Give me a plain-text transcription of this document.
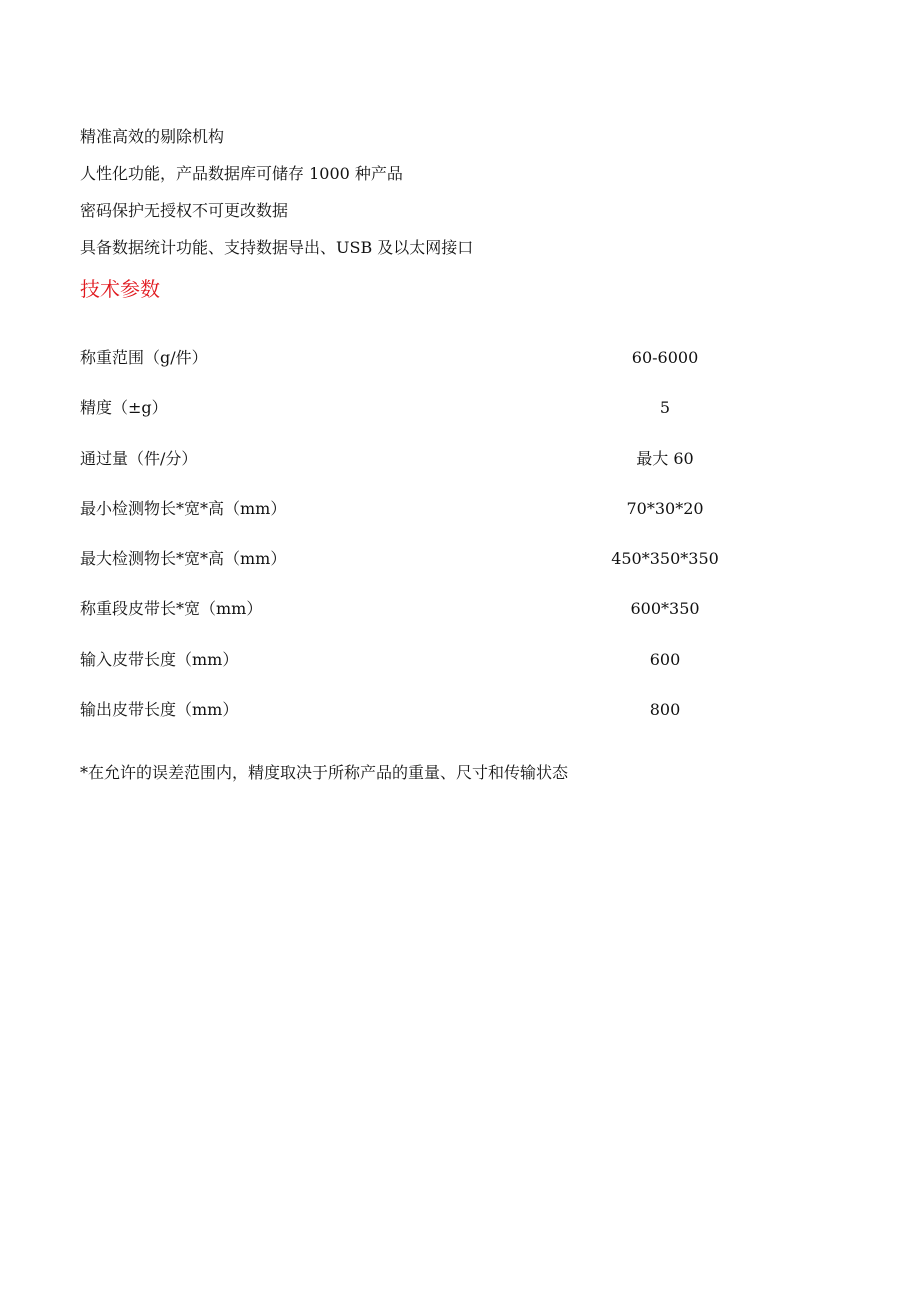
精准高效的剔除机构
人性化功能，产品数据库可储存 1000 种产品
密码保护无授权不可更改数据
具备数据统计功能、支持数据导出、USB 及以太网接口
技术参数
称重范围（g/件）	60-6000
精度（±g）	5
通过量（件/分）	最大 60
最小检测物长*宽*高（mm）	70*30*20
最大检测物长*宽*高（mm）	450*350*350
称重段皮带长*宽（mm）	600*350
输入皮带长度（mm）	600
输出皮带长度（mm）	800
*在允许的误差范围内，精度取决于所称产品的重量、尺寸和传输状态
